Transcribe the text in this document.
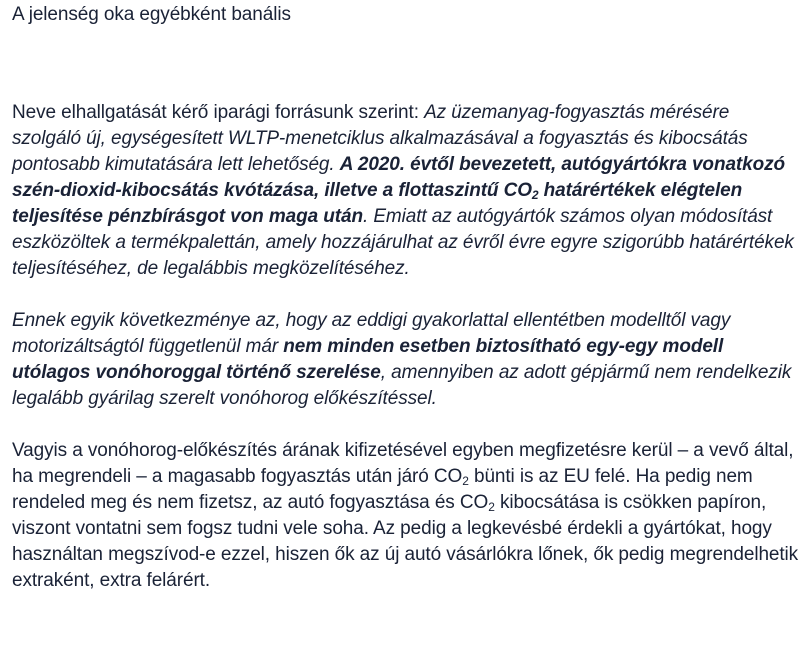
A jelenség oka egyébként banális

Neve elhallgatását kérő iparági forrásunk szerint: Az üzemanyag-fogyasztás mérésére szolgáló új, egységesített WLTP-menetciklus alkalmazásával a fogyasztás és kibocsátás pontosabb kimutatására lett lehetőség. A 2020. évtől bevezetett, autógyártókra vonatkozó szén-dioxid-kibocsátás kvótázása, illetve a flottaszintű $CO_2$ határértékek elégtelen teljesítése pénzbírásgot von maga után. Emiatt az autógyártók számos olyan módosítást eszközöltek a termékpalettán, amely hozzájárulhat az évről évre egyre szigorúbb határértékek teljesítéséhez, de legalábbis megközelítéséhez.

Ennek egyik következménye az, hogy az eddigi gyakorlattal ellentétben modelltől vagy motorizáltságtól függetlenül már nem minden esetben biztosítható egy-egy modell utólagos vonóhoroggal történő szerelése, amennyiben az adott gépjármű nem rendelkezik legalább gyárilag szerelt vonóhorog előkészítéssel.

Vagyis a vonóhorog-előkészítés árának kifizetésével egyben megfizetésre kerül – a vevő által, ha megrendeli – a magasabb fogyasztás után járó $CO_2$ bünti is az EU felé. Ha pedig nem rendeled meg és nem fizetsz, az autó fogyasztása és $CO_2$ kibocsátása is csökken papíron, viszont vontatni sem fogsz tudni vele soha. Az pedig a legkevésbé érdekli a gyártókat, hogy használtan megszívod-e ezzel, hiszen ők az új autó vásárlókra lőnek, ők pedig megrendelhetik extraként, extra felárért.
